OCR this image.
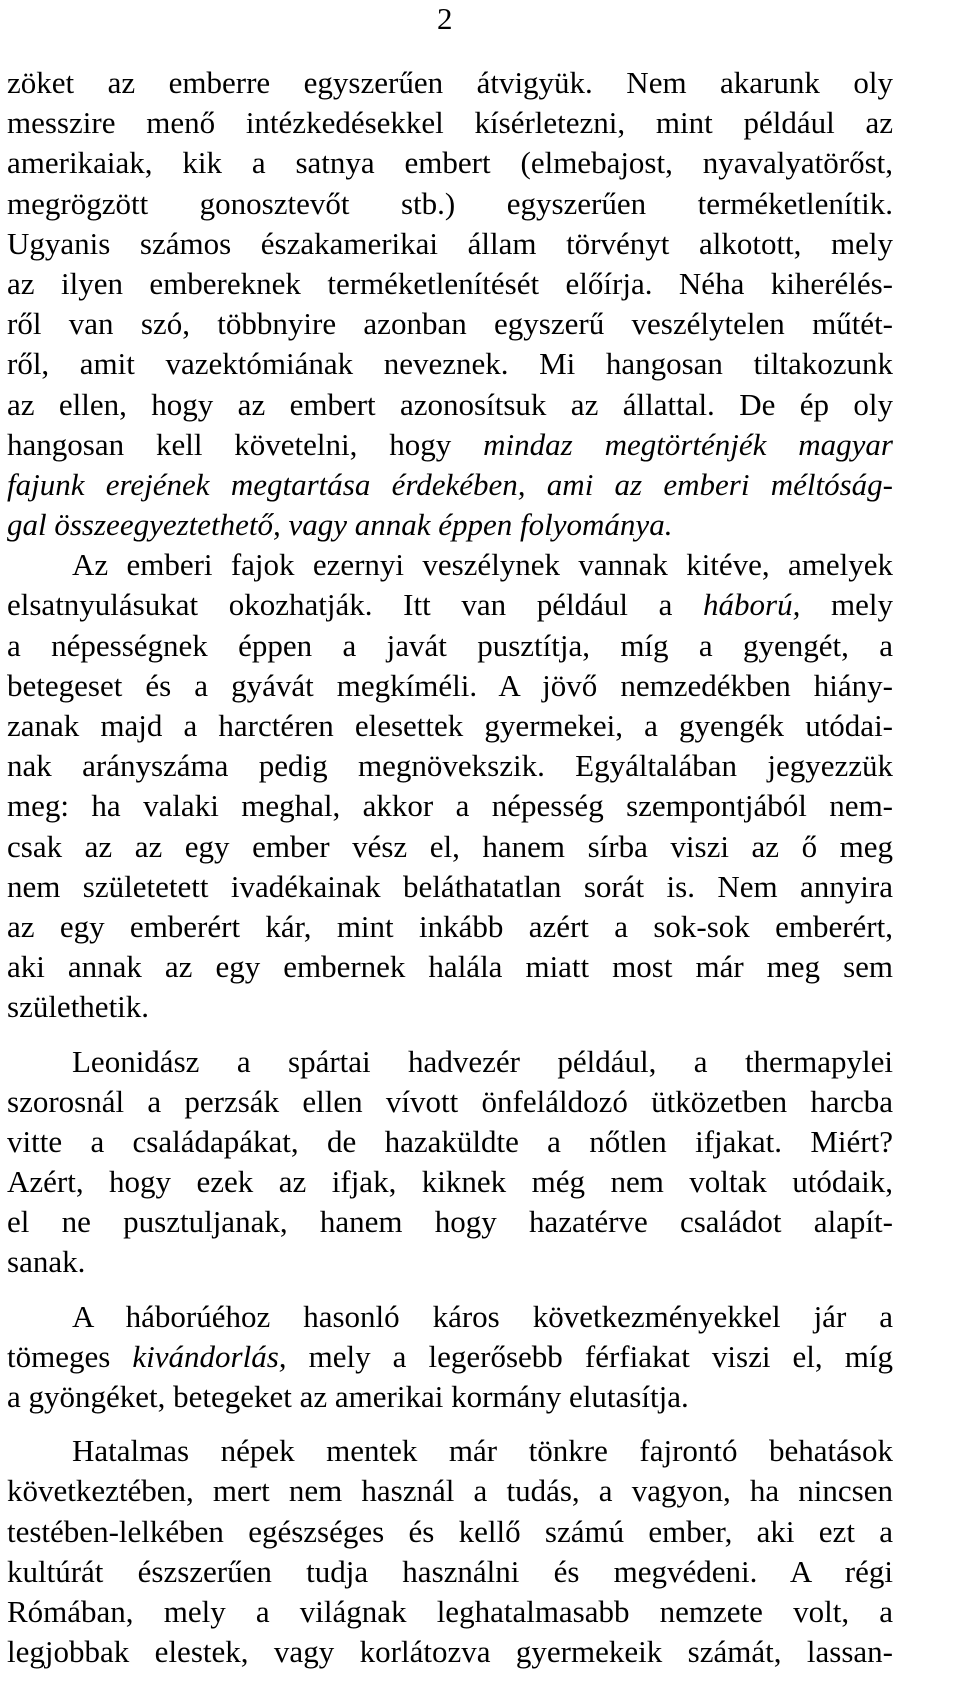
2
zöket az emberre egyszerűen átvigyük. Nem akarunk oly
messzire menő intézkedésekkel kísérletezni, mint például az
amerikaiak, kik a satnya embert (elmebajost, nyavalyatörőst,
megrögzött gonosztevőt stb.) egyszerűen terméketlenítik.
Ugyanis számos északamerikai állam törvényt alkotott, mely
az ilyen embereknek terméketlenítését előírja. Néha kiherélés-
ről van szó, többnyire azonban egyszerű veszélytelen műtét-
ről, amit vazektómiának neveznek. Mi hangosan tiltakozunk
az ellen, hogy az embert azonosítsuk az állattal. De ép oly
hangosan kell követelni, hogy mindaz megtörténjék magyar
fajunk erejének megtartása érdekében, ami az emberi méltóság-
gal összeegyeztethető, vagy annak éppen folyománya.
Az emberi fajok ezernyi veszélynek vannak kitéve, amelyek
elsatnyulásukat okozhatják. Itt van például a háború, mely
a népességnek éppen a javát pusztítja, míg a gyengét, a
betegeset és a gyávát megkíméli. A jövő nemzedékben hiány-
zanak majd a harctéren elesettek gyermekei, a gyengék utódai-
nak arányszáma pedig megnövekszik. Egyáltalában jegyezzük
meg: ha valaki meghal, akkor a népesség szempontjából nem-
csak az az egy ember vész el, hanem sírba viszi az ő meg
nem születetett ivadékainak beláthatatlan sorát is. Nem annyira
az egy emberért kár, mint inkább azért a sok-sok emberért,
aki annak az egy embernek halála miatt most már meg sem
születhetik.
Leonidász a spártai hadvezér például, a thermapylei
szorosnál a perzsák ellen vívott önfeláldozó ütközetben harcba
vitte a családapákat, de hazaküldte a nőtlen ifjakat. Miért?
Azért, hogy ezek az ifjak, kiknek még nem voltak utódaik,
el ne pusztuljanak, hanem hogy hazatérve családot alapít-
sanak.
A háborúéhoz hasonló káros következményekkel jár a
tömeges kivándorlás, mely a legerősebb férfiakat viszi el, míg
a gyöngéket, betegeket az amerikai kormány elutasítja.
Hatalmas népek mentek már tönkre fajrontó behatások
következtében, mert nem használ a tudás, a vagyon, ha nincsen
testében-lelkében egészséges és kellő számú ember, aki ezt a
kultúrát észszerűen tudja használni és megvédeni. A régi
Rómában, mely a világnak leghatalmasabb nemzete volt, a
legjobbak elestek, vagy korlátozva gyermekeik számát, lassan-
